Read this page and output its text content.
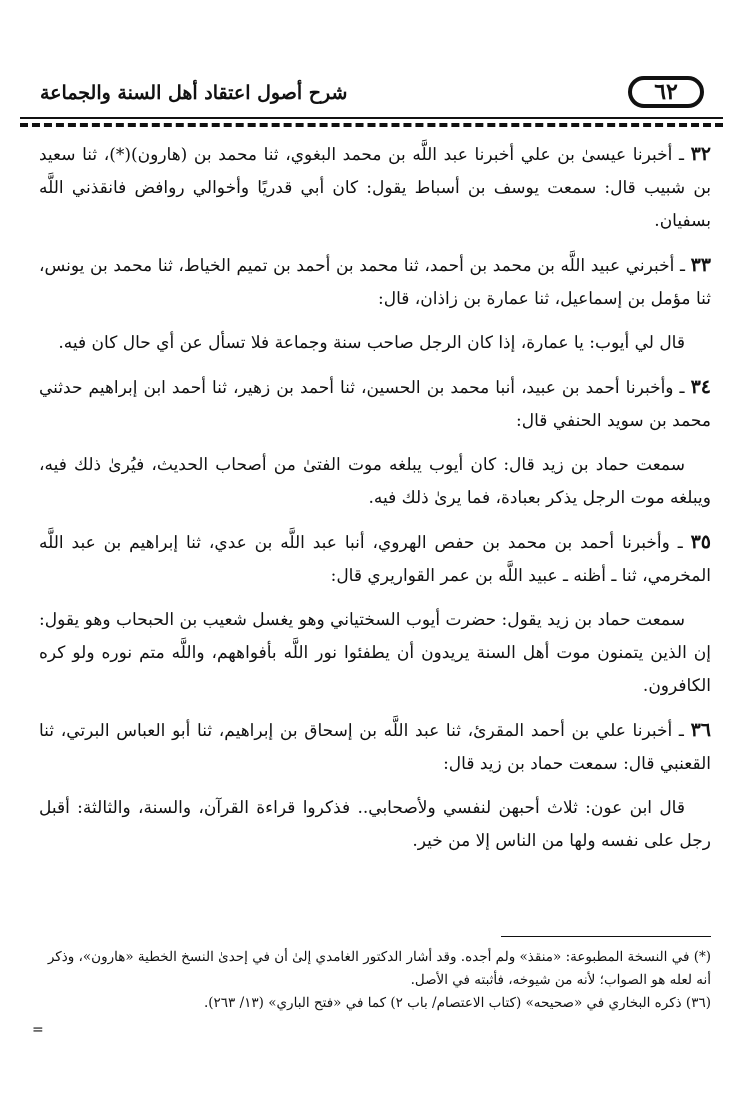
٦٢
شرح أصول اعتقاد أهل السنة والجماعة

٣٢ ـ أخبرنا عيسىٰ بن علي أخبرنا عبد اللَّه بن محمد البغوي، ثنا محمد بن (هارون)(*)، ثنا سعيد بن شبيب قال: سمعت يوسف بن أسباط يقول: كان أبي قدريًا وأخوالي روافض فانقذني اللَّه بسفيان.

٣٣ ـ أخبرني عبيد اللَّه بن محمد بن أحمد، ثنا محمد بن أحمد بن تميم الخياط، ثنا محمد بن يونس، ثنا مؤمل بن إسماعيل، ثنا عمارة بن زاذان، قال:

قال لي أيوب: يا عمارة، إذا كان الرجل صاحب سنة وجماعة فلا تسأل عن أي حال كان فيه.

٣٤ ـ وأخبرنا أحمد بن عبيد، أنبا محمد بن الحسين، ثنا أحمد بن زهير، ثنا أحمد ابن إبراهيم حدثني محمد بن سويد الحنفي قال:

سمعت حماد بن زيد قال: كان أيوب يبلغه موت الفتىٰ من أصحاب الحديث، فيُرىٰ ذلك فيه، ويبلغه موت الرجل يذكر بعبادة، فما يرىٰ ذلك فيه.

٣٥ ـ وأخبرنا أحمد بن محمد بن حفص الهروي، أنبا عبد اللَّه بن عدي، ثنا إبراهيم بن عبد اللَّه المخرمي، ثنا ـ أظنه ـ عبيد اللَّه بن عمر القواريري قال:

سمعت حماد بن زيد يقول: حضرت أيوب السختياني وهو يغسل شعيب بن الحبحاب وهو يقول: إن الذين يتمنون موت أهل السنة يريدون أن يطفئوا نور اللَّه بأفواههم، واللَّه متم نوره ولو كره الكافرون.

٣٦ ـ أخبرنا علي بن أحمد المقرئ، ثنا عبد اللَّه بن إسحاق بن إبراهيم، ثنا أبو العباس البرتي، ثنا القعنبي قال: سمعت حماد بن زيد قال:

قال ابن عون: ثلاث أحبهن لنفسي ولأصحابي.. فذكروا قراءة القرآن، والسنة، والثالثة: أقبل رجل على نفسه ولها من الناس إلا من خير.

(*) في النسخة المطبوعة: «منقذ» ولم أجده. وقد أشار الدكتور الغامدي إلىٰ أن في إحدىٰ النسخ الخطية «هارون»، وذكر أنه لعله هو الصواب؛ لأنه من شيوخه، فأثبته في الأصل.

(٣٦) ذكره البخاري في «صحيحه» (كتاب الاعتصام/ باب ٢) كما في «فتح الباري» (١٣/ ٢٦٣).

=
